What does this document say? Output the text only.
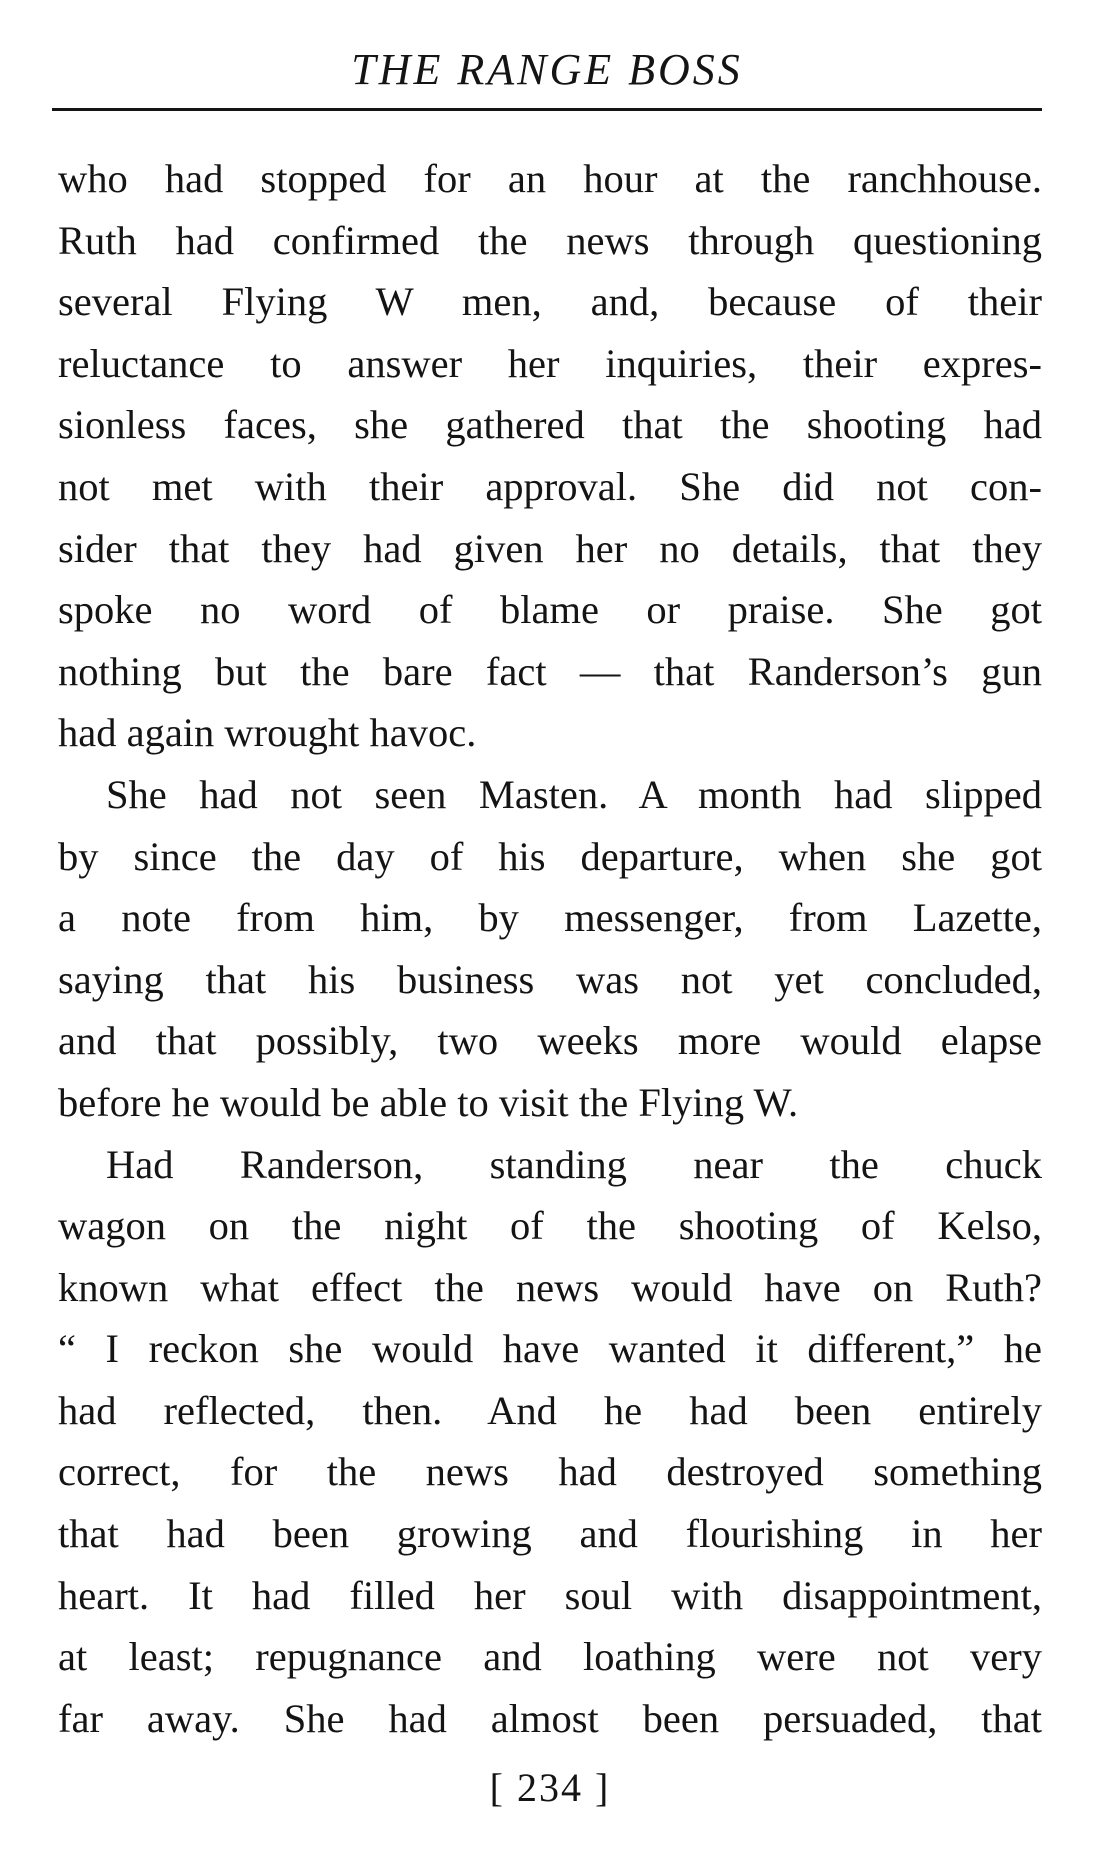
THE RANGE BOSS

who had stopped for an hour at the ranchhouse.
Ruth had confirmed the news through questioning
several Flying W men, and, because of their
reluctance to answer her inquiries, their expres-
sionless faces, she gathered that the shooting had
not met with their approval. She did not con-
sider that they had given her no details, that they
spoke no word of blame or praise. She got
nothing but the bare fact — that Randerson’s gun
had again wrought havoc.

She had not seen Masten. A month had slipped
by since the day of his departure, when she got
a note from him, by messenger, from Lazette,
saying that his business was not yet concluded,
and that possibly, two weeks more would elapse
before he would be able to visit the Flying W.

Had Randerson, standing near the chuck
wagon on the night of the shooting of Kelso,
known what effect the news would have on Ruth?
“ I reckon she would have wanted it different,” he
had reflected, then. And he had been entirely
correct, for the news had destroyed something
that had been growing and flourishing in her
heart. It had filled her soul with disappointment,
at least; repugnance and loathing were not very
far away. She had almost been persuaded, that

[ 234 ]
